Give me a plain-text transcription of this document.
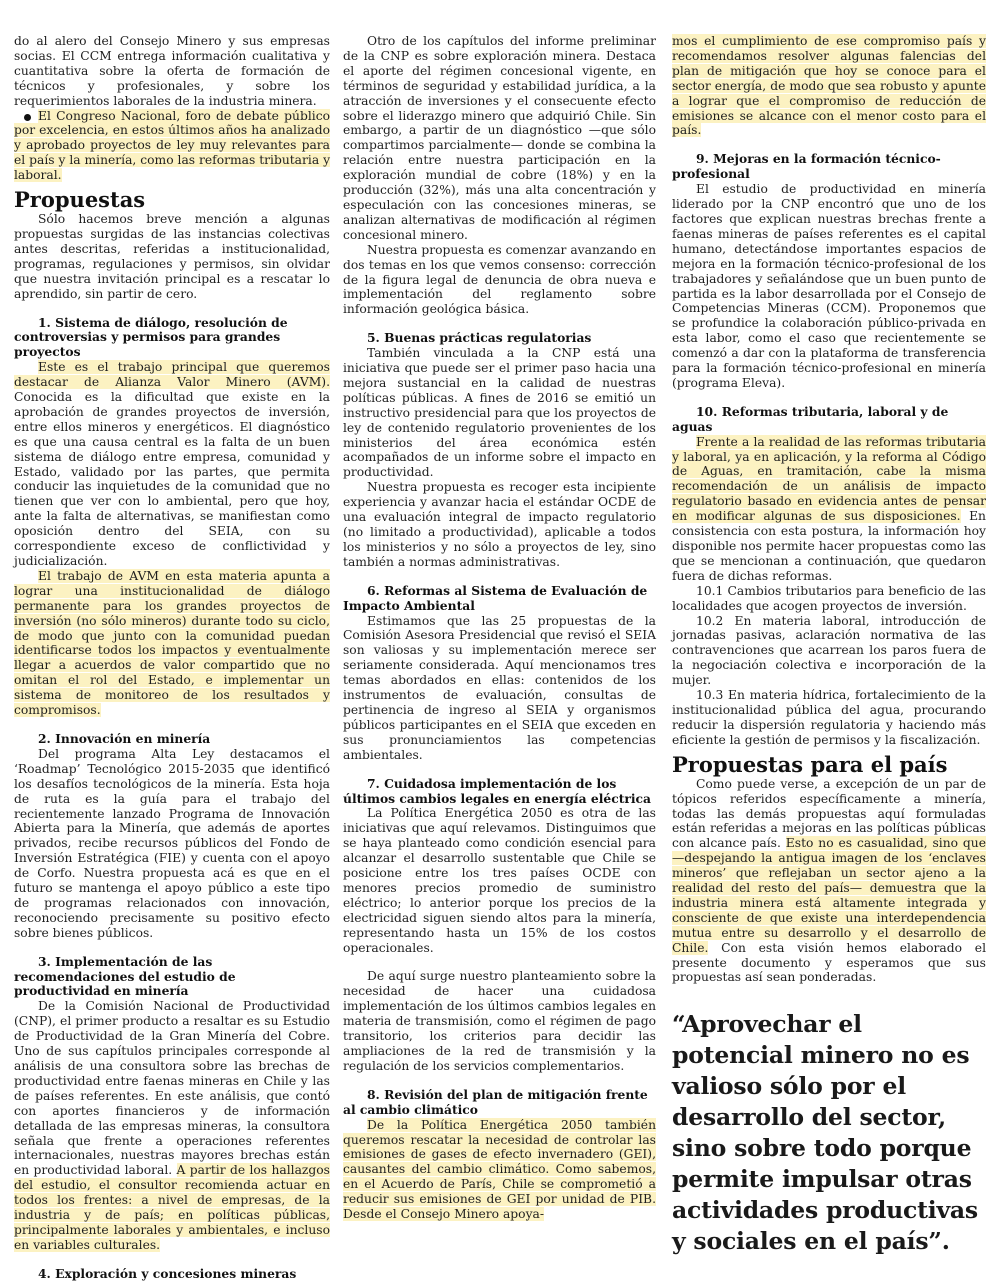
do al alero del Consejo Minero y sus empresas socias. El CCM entrega información cualitativa y cuantitativa sobre la oferta de formación de técnicos y profesionales, y sobre los requerimientos laborales de la industria minera.

El Congreso Nacional, foro de debate público por excelencia, en estos últimos años ha analizado y aprobado proyectos de ley muy relevantes para el país y la minería, como las reformas tributaria y laboral.

Propuestas

Sólo hacemos breve mención a algunas propuestas surgidas de las instancias colectivas antes descritas, referidas a institucionalidad, programas, regulaciones y permisos, sin olvidar que nuestra invitación principal es a rescatar lo aprendido, sin partir de cero.

1. Sistema de diálogo, resolución de controversias y permisos para grandes proyectos

Este es el trabajo principal que queremos destacar de Alianza Valor Minero (AVM). Conocida es la dificultad que existe en la aprobación de grandes proyectos de inversión, entre ellos mineros y energéticos. El diagnóstico es que una causa central es la falta de un buen sistema de diálogo entre empresa, comunidad y Estado, validado por las partes, que permita conducir las inquietudes de la comunidad que no tienen que ver con lo ambiental, pero que hoy, ante la falta de alternativas, se manifiestan como oposición dentro del SEIA, con su correspondiente exceso de conflictividad y judicialización.

El trabajo de AVM en esta materia apunta a lograr una institucionalidad de diálogo permanente para los grandes proyectos de inversión (no sólo mineros) durante todo su ciclo, de modo que junto con la comunidad puedan identificarse todos los impactos y eventualmente llegar a acuerdos de valor compartido que no omitan el rol del Estado, e implementar un sistema de monitoreo de los resultados y compromisos.

2. Innovación en minería

Del programa Alta Ley destacamos el ‘Roadmap’ Tecnológico 2015-2035 que identificó los desafíos tecnológicos de la minería. Esta hoja de ruta es la guía para el trabajo del recientemente lanzado Programa de Innovación Abierta para la Minería, que además de aportes privados, recibe recursos públicos del Fondo de Inversión Estratégica (FIE) y cuenta con el apoyo de Corfo. Nuestra propuesta acá es que en el futuro se mantenga el apoyo público a este tipo de programas relacionados con innovación, reconociendo precisamente su positivo efecto sobre bienes públicos.

3. Implementación de las recomendaciones del estudio de productividad en minería

De la Comisión Nacional de Productividad (CNP), el primer producto a resaltar es su Estudio de Productividad de la Gran Minería del Cobre. Uno de sus capítulos principales corresponde al análisis de una consultora sobre las brechas de productividad entre faenas mineras en Chile y las de países referentes. En este análisis, que contó con aportes financieros y de información detallada de las empresas mineras, la consultora señala que frente a operaciones referentes internacionales, nuestras mayores brechas están en productividad laboral. A partir de los hallazgos del estudio, el consultor recomienda actuar en todos los frentes: a nivel de empresas, de la industria y de país; en políticas públicas, principalmente laborales y ambientales, e incluso en variables culturales.

4. Exploración y concesiones mineras

Otro de los capítulos del informe preliminar de la CNP es sobre exploración minera. Destaca el aporte del régimen concesional vigente, en términos de seguridad y estabilidad jurídica, a la atracción de inversiones y el consecuente efecto sobre el liderazgo minero que adquirió Chile. Sin embargo, a partir de un diagnóstico —que sólo compartimos parcialmente— donde se combina la relación entre nuestra participación en la exploración mundial de cobre (18%) y en la producción (32%), más una alta concentración y especulación con las concesiones mineras, se analizan alternativas de modificación al régimen concesional minero.

Nuestra propuesta es comenzar avanzando en dos temas en los que vemos consenso: corrección de la figura legal de denuncia de obra nueva e implementación del reglamento sobre información geológica básica.

5. Buenas prácticas regulatorias

También vinculada a la CNP está una iniciativa que puede ser el primer paso hacia una mejora sustancial en la calidad de nuestras políticas públicas. A fines de 2016 se emitió un instructivo presidencial para que los proyectos de ley de contenido regulatorio provenientes de los ministerios del área económica estén acompañados de un informe sobre el impacto en productividad.

Nuestra propuesta es recoger esta incipiente experiencia y avanzar hacia el estándar OCDE de una evaluación integral de impacto regulatorio (no limitado a productividad), aplicable a todos los ministerios y no sólo a proyectos de ley, sino también a normas administrativas.

6. Reformas al Sistema de Evaluación de Impacto Ambiental

Estimamos que las 25 propuestas de la Comisión Asesora Presidencial que revisó el SEIA son valiosas y su implementación merece ser seriamente considerada. Aquí mencionamos tres temas abordados en ellas: contenidos de los instrumentos de evaluación, consultas de pertinencia de ingreso al SEIA y organismos públicos participantes en el SEIA que exceden en sus pronunciamientos las competencias ambientales.

7. Cuidadosa implementación de los últimos cambios legales en energía eléctrica

La Política Energética 2050 es otra de las iniciativas que aquí relevamos. Distinguimos que se haya planteado como condición esencial para alcanzar el desarrollo sustentable que Chile se posicione entre los tres países OCDE con menores precios promedio de suministro eléctrico; lo anterior porque los precios de la electricidad siguen siendo altos para la minería, representando hasta un 15% de los costos operacionales.

De aquí surge nuestro planteamiento sobre la necesidad de hacer una cuidadosa implementación de los últimos cambios legales en materia de transmisión, como el régimen de pago transitorio, los criterios para decidir las ampliaciones de la red de transmisión y la regulación de los servicios complementarios.

8. Revisión del plan de mitigación frente al cambio climático

De la Política Energética 2050 también queremos rescatar la necesidad de controlar las emisiones de gases de efecto invernadero (GEI), causantes del cambio climático. Como sabemos, en el Acuerdo de París, Chile se comprometió a reducir sus emisiones de GEI por unidad de PIB. Desde el Consejo Minero apoya-

mos el cumplimiento de ese compromiso país y recomendamos resolver algunas falencias del plan de mitigación que hoy se conoce para el sector energía, de modo que sea robusto y apunte a lograr que el compromiso de reducción de emisiones se alcance con el menor costo para el país.

9. Mejoras en la formación técnico-profesional

El estudio de productividad en minería liderado por la CNP encontró que uno de los factores que explican nuestras brechas frente a faenas mineras de países referentes es el capital humano, detectándose importantes espacios de mejora en la formación técnico-profesional de los trabajadores y señalándose que un buen punto de partida es la labor desarrollada por el Consejo de Competencias Mineras (CCM). Proponemos que se profundice la colaboración público-privada en esta labor, como el caso que recientemente se comenzó a dar con la plataforma de transferencia para la formación técnico-profesional en minería (programa Eleva).

10. Reformas tributaria, laboral y de aguas

Frente a la realidad de las reformas tributaria y laboral, ya en aplicación, y la reforma al Código de Aguas, en tramitación, cabe la misma recomendación de un análisis de impacto regulatorio basado en evidencia antes de pensar en modificar algunas de sus disposiciones. En consistencia con esta postura, la información hoy disponible nos permite hacer propuestas como las que se mencionan a continuación, que quedaron fuera de dichas reformas.

10.1 Cambios tributarios para beneficio de las localidades que acogen proyectos de inversión.

10.2 En materia laboral, introducción de jornadas pasivas, aclaración normativa de las contravenciones que acarrean los paros fuera de la negociación colectiva e incorporación de la mujer.

10.3 En materia hídrica, fortalecimiento de la institucionalidad pública del agua, procurando reducir la dispersión regulatoria y haciendo más eficiente la gestión de permisos y la fiscalización.

Propuestas para el país

Como puede verse, a excepción de un par de tópicos referidos específicamente a minería, todas las demás propuestas aquí formuladas están referidas a mejoras en las políticas públicas con alcance país. Esto no es casualidad, sino que —despejando la antigua imagen de los ‘enclaves mineros’ que reflejaban un sector ajeno a la realidad del resto del país— demuestra que la industria minera está altamente integrada y consciente de que existe una interdependencia mutua entre su desarrollo y el desarrollo de Chile. Con esta visión hemos elaborado el presente documento y esperamos que sus propuestas así sean ponderadas.

“Aprovechar el potencial minero no es valioso sólo por el desarrollo del sector, sino sobre todo porque permite impulsar otras actividades productivas y sociales en el país”.
